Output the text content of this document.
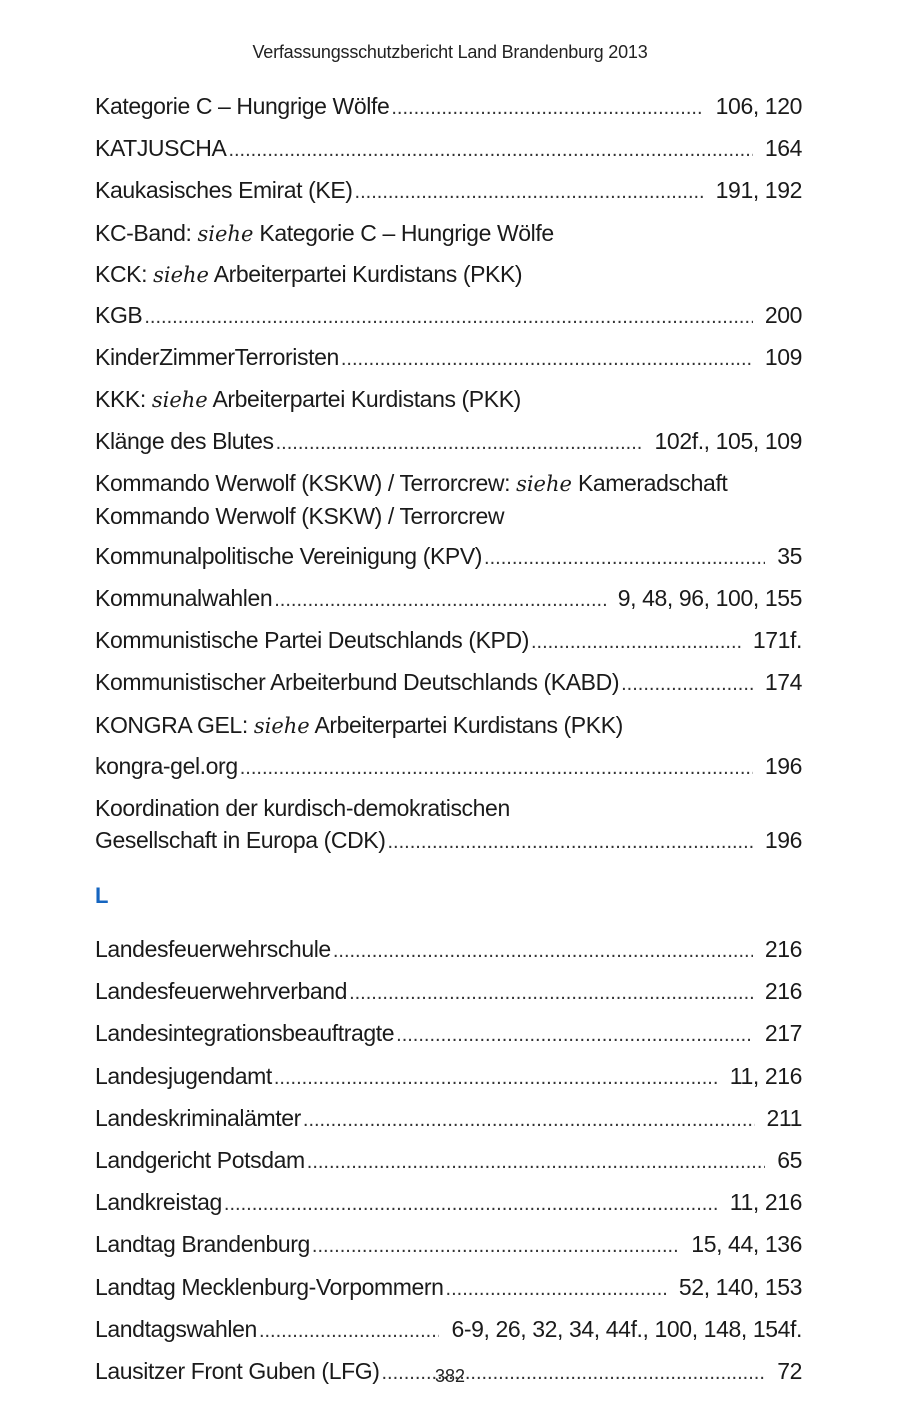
Verfassungsschutzbericht Land Brandenburg 2013
Kategorie C – Hungrige Wölfe .....	106, 120
KATJUSCHA .....	164
Kaukasisches Emirat (KE) .....	191, 192
KC-Band: siehe Kategorie C – Hungrige Wölfe
KCK: siehe Arbeiterpartei Kurdistans (PKK)
KGB .....	200
KinderZimmerTerroristen .....	109
KKK: siehe Arbeiterpartei Kurdistans (PKK)
Klänge des Blutes .....	102f., 105, 109
Kommando Werwolf (KSKW) / Terrorcrew: siehe Kameradschaft
Kommando Werwolf (KSKW) / Terrorcrew
Kommunalpolitische Vereinigung (KPV) .....	35
Kommunalwahlen .....	9, 48, 96, 100, 155
Kommunistische Partei Deutschlands (KPD) .....	171f.
Kommunistischer Arbeiterbund Deutschlands (KABD) .....	174
KONGRA GEL: siehe Arbeiterpartei Kurdistans (PKK)
kongra-gel.org .....	196
Koordination der kurdisch-demokratischen
Gesellschaft in Europa (CDK) .....	196
L
Landesfeuerwehrschule .....	216
Landesfeuerwehrverband .....	216
Landesintegrationsbeauftragte .....	217
Landesjugendamt .....	11, 216
Landeskriminalämter .....	211
Landgericht Potsdam .....	65
Landkreistag .....	11, 216
Landtag Brandenburg .....	15, 44, 136
Landtag Mecklenburg-Vorpommern .....	52, 140, 153
Landtagswahlen .....	6-9, 26, 32, 34, 44f., 100, 148, 154f.
Lausitzer Front Guben (LFG) .....	72
382
